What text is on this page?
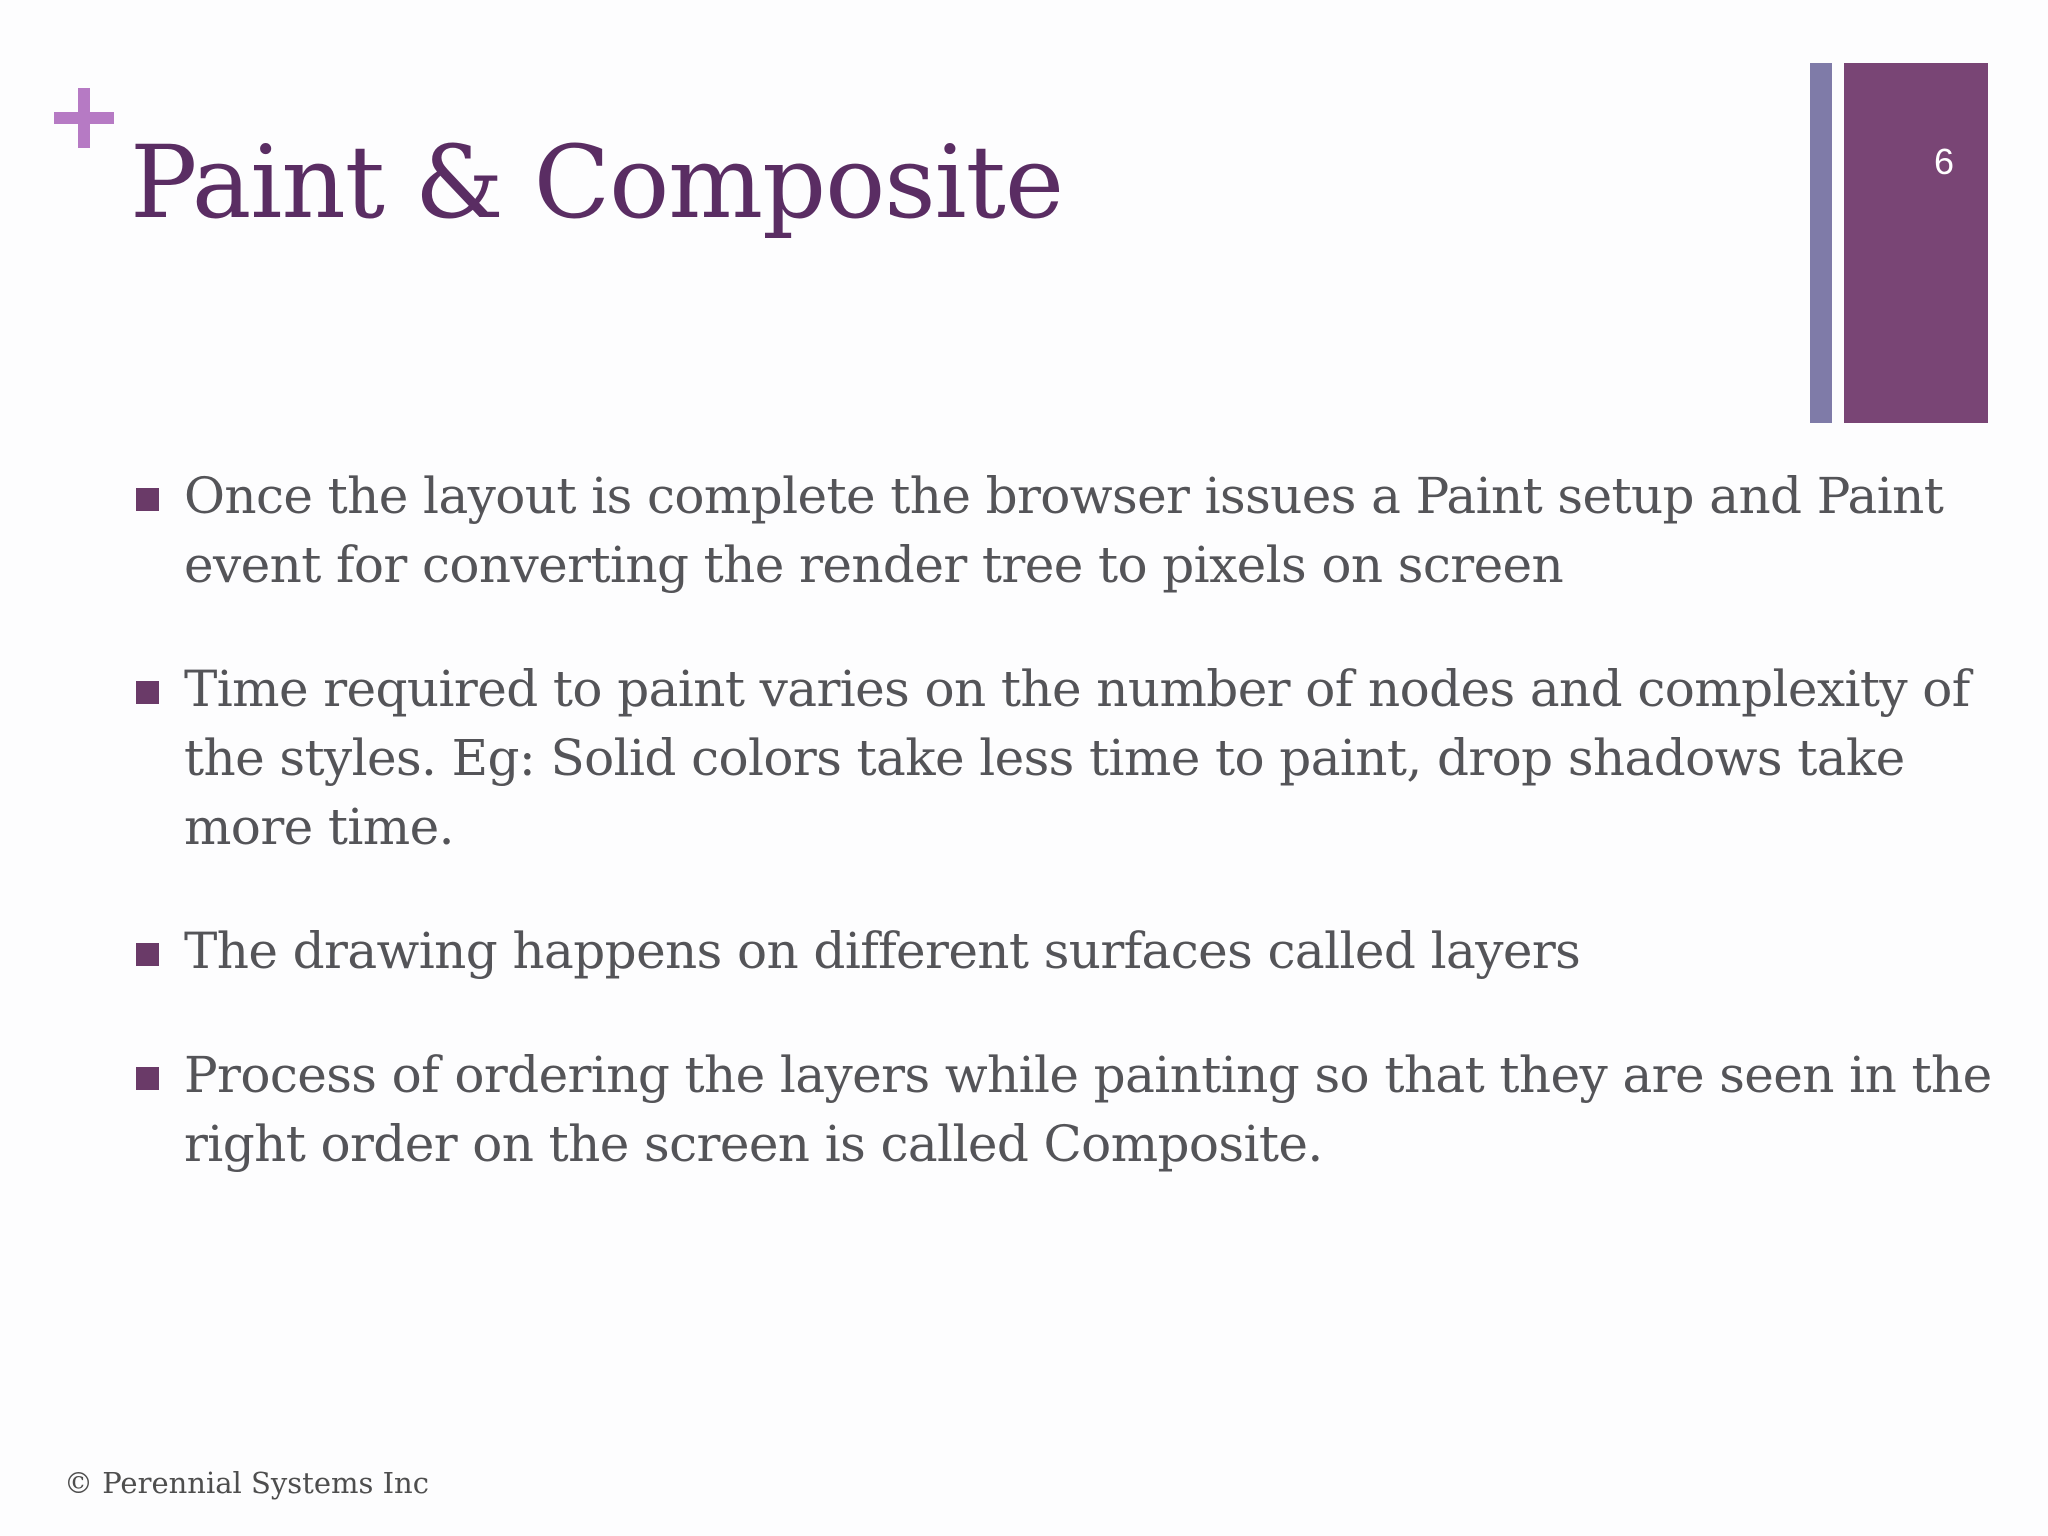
Paint & Composite	6
Once the layout is complete the browser issues a Paint setup and Paint event for converting the render tree to pixels on screen
Time required to paint varies on the number of nodes and complexity of the styles. Eg: Solid colors take less time to paint, drop shadows take more time.
The drawing happens on different surfaces called layers
Process of ordering the layers while painting so that they are seen in the right order on the screen is called Composite.
© Perennial Systems Inc
